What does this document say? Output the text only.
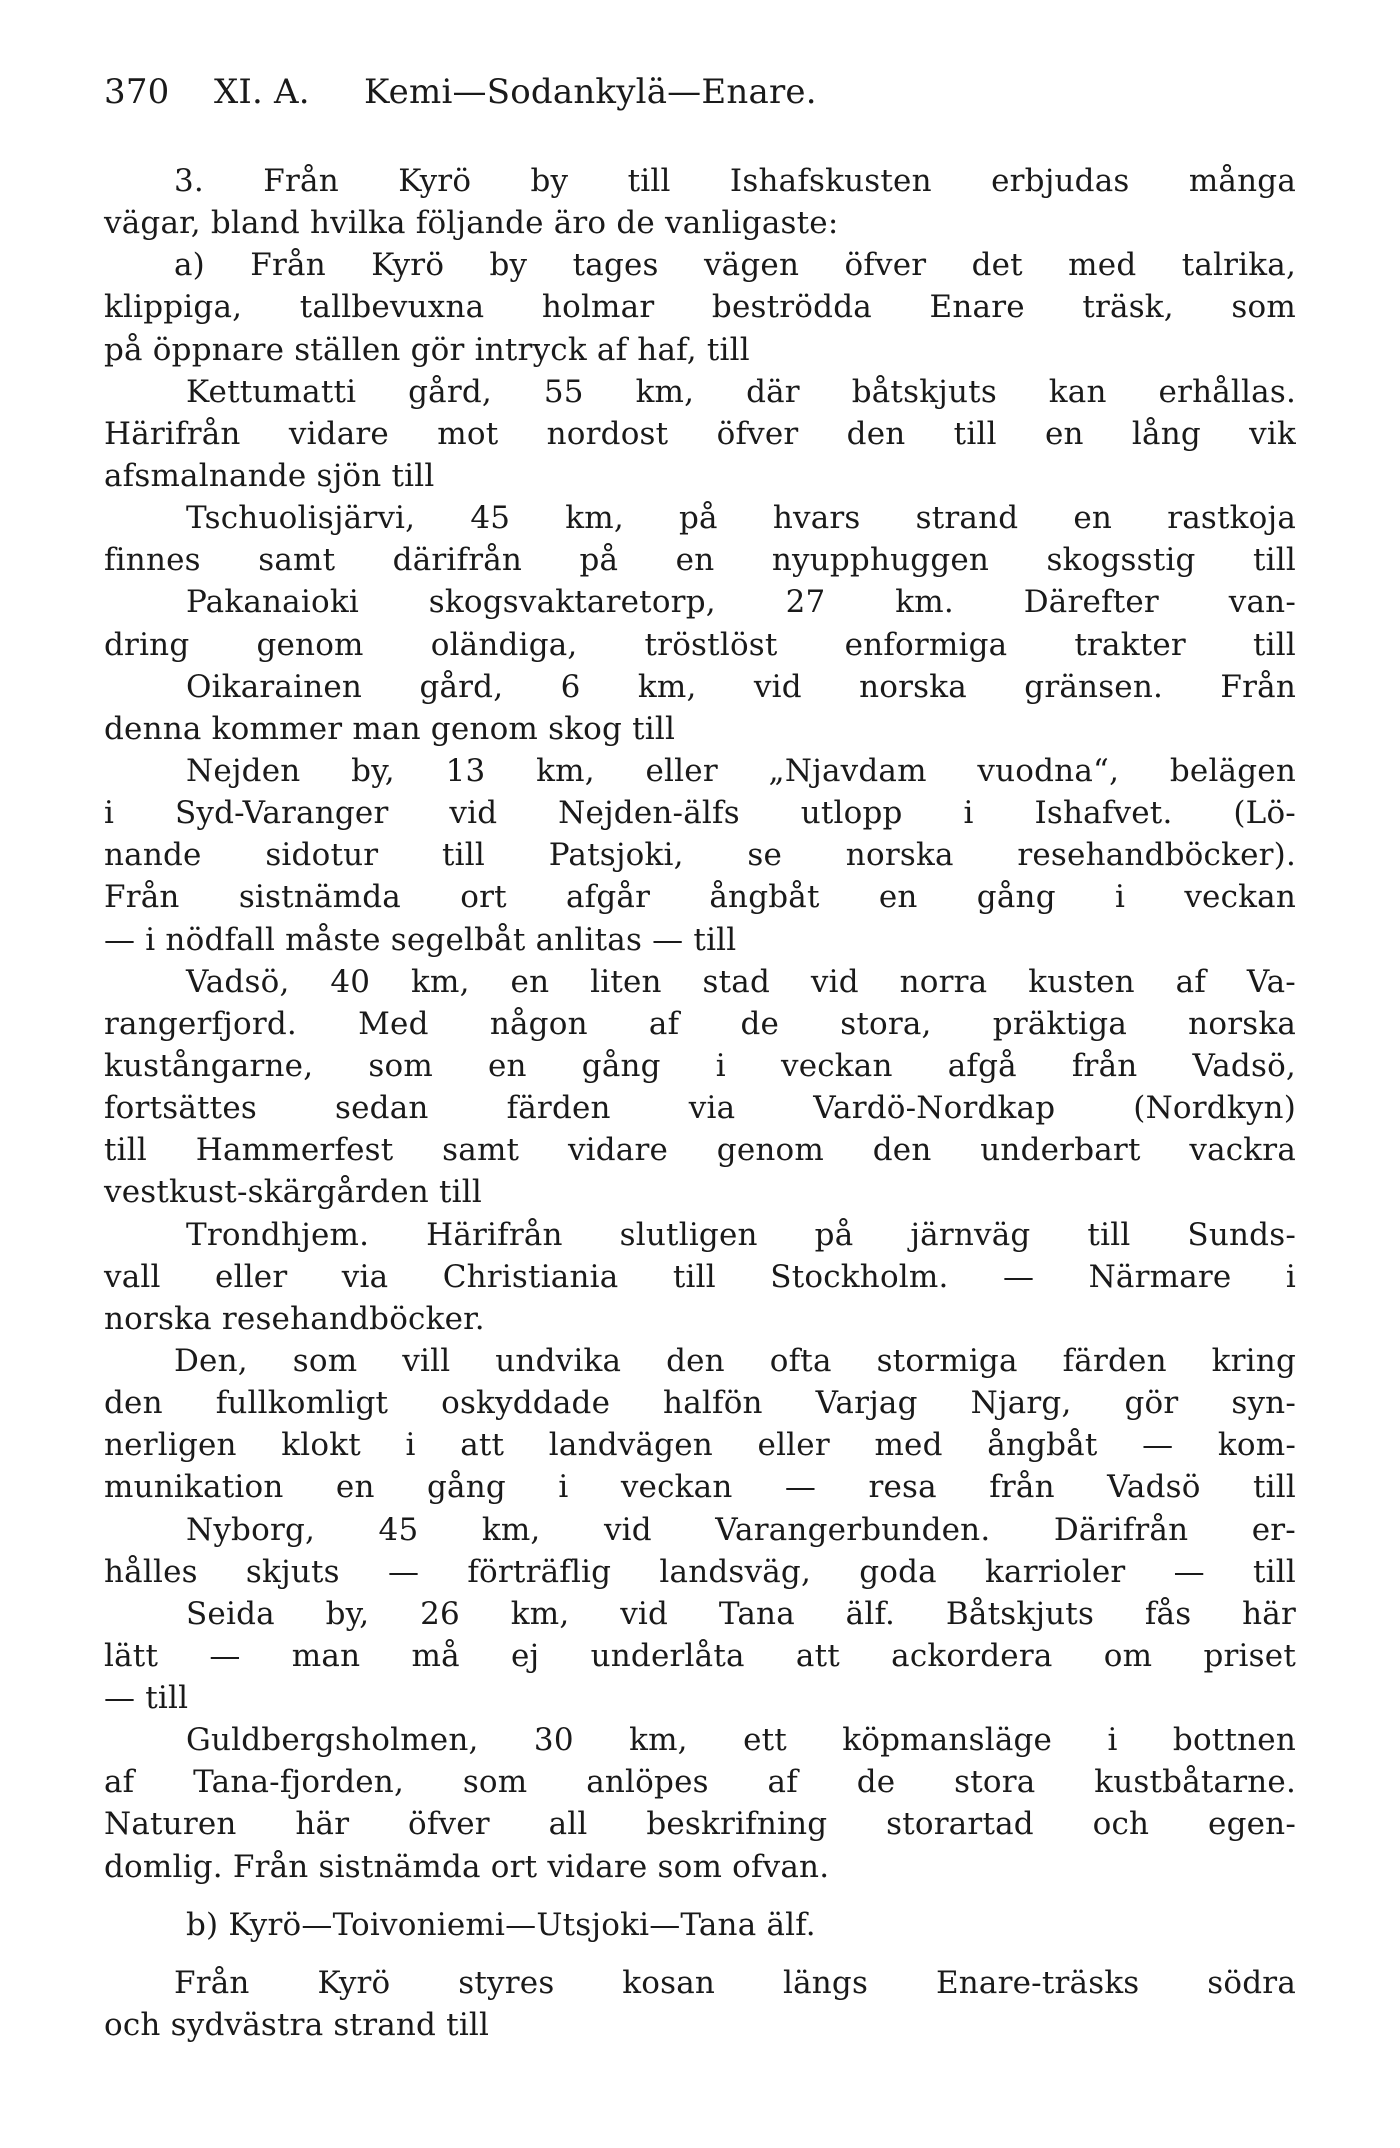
370 XI. A. Kemi—Sodankylä—Enare.
3. Från Kyrö by till Ishafskusten erbjudas många
vägar, bland hvilka följande äro de vanligaste:
a) Från Kyrö by tages vägen öfver det med talrika,
klippiga, tallbevuxna holmar beströdda Enare träsk, som
på öppnare ställen gör intryck af haf, till
Kettumatti gård, 55 km, där båtskjuts kan erhållas.
Härifrån vidare mot nordost öfver den till en lång vik
afsmalnande sjön till
Tschuolisjärvi, 45 km, på hvars strand en rastkoja
finnes samt därifrån på en nyupphuggen skogsstig till
Pakanaioki skogsvaktaretorp, 27 km. Därefter van-
dring genom oländiga, tröstlöst enformiga trakter till
Oikarainen gård, 6 km, vid norska gränsen. Från
denna kommer man genom skog till
Nejden by, 13 km, eller „Njavdam vuodna“, belägen
i Syd-Varanger vid Nejden-älfs utlopp i Ishafvet. (Lö-
nande sidotur till Patsjoki, se norska resehandböcker).
Från sistnämda ort afgår ångbåt en gång i veckan
— i nödfall måste segelbåt anlitas — till
Vadsö, 40 km, en liten stad vid norra kusten af Va-
rangerfjord. Med någon af de stora, präktiga norska
kustångarne, som en gång i veckan afgå från Vadsö,
fortsättes sedan färden via Vardö-Nordkap (Nordkyn)
till Hammerfest samt vidare genom den underbart vackra
vestkust-skärgården till
Trondhjem. Härifrån slutligen på järnväg till Sunds-
vall eller via Christiania till Stockholm. — Närmare i
norska resehandböcker.
Den, som vill undvika den ofta stormiga färden kring
den fullkomligt oskyddade halfön Varjag Njarg, gör syn-
nerligen klokt i att landvägen eller med ångbåt — kom-
munikation en gång i veckan — resa från Vadsö till
Nyborg, 45 km, vid Varangerbunden. Därifrån er-
hålles skjuts — förträflig landsväg, goda karrioler — till
Seida by, 26 km, vid Tana älf. Båtskjuts fås här
lätt — man må ej underlåta att ackordera om priset
— till
Guldbergsholmen, 30 km, ett köpmansläge i bottnen
af Tana-fjorden, som anlöpes af de stora kustbåtarne.
Naturen här öfver all beskrifning storartad och egen-
domlig. Från sistnämda ort vidare som ofvan.
b) Kyrö—Toivoniemi—Utsjoki—Tana älf.
Från Kyrö styres kosan längs Enare-träsks södra
och sydvästra strand till
